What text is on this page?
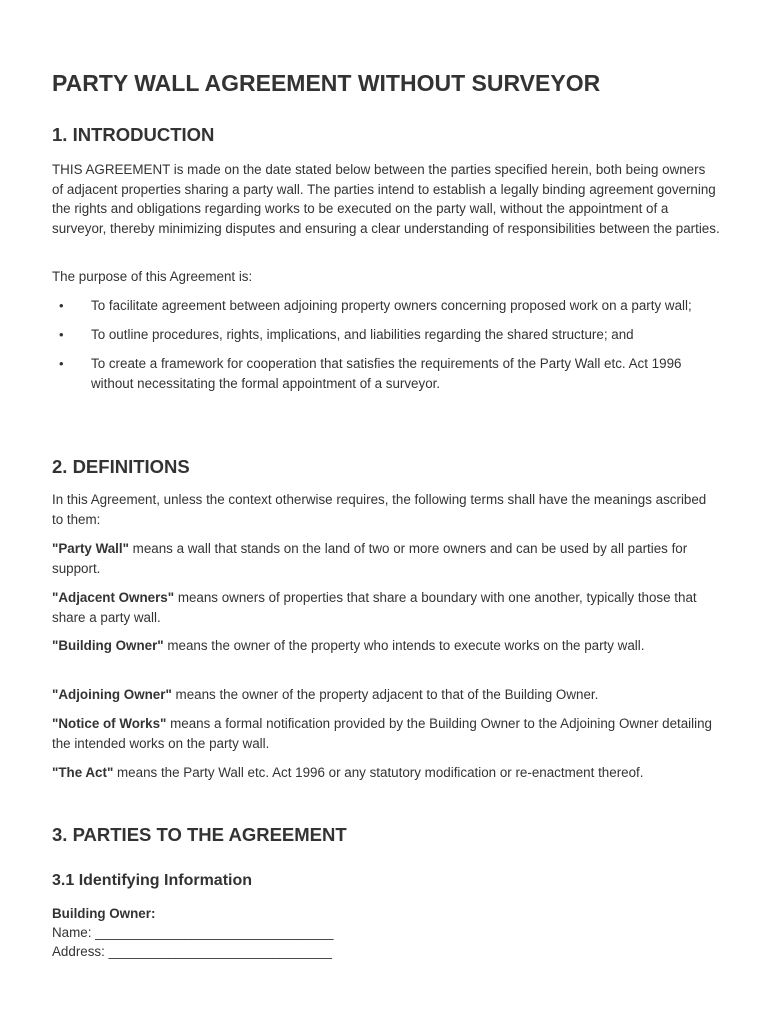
PARTY WALL AGREEMENT WITHOUT SURVEYOR
1. INTRODUCTION

THIS AGREEMENT is made on the date stated below between the parties specified herein, both being owners of adjacent properties sharing a party wall. The parties intend to establish a legally binding agreement governing the rights and obligations regarding works to be executed on the party wall, without the appointment of a surveyor, thereby minimizing disputes and ensuring a clear understanding of responsibilities between the parties.

The purpose of this Agreement is:

• To facilitate agreement between adjoining property owners concerning proposed work on a party wall;
• To outline procedures, rights, implications, and liabilities regarding the shared structure; and
• To create a framework for cooperation that satisfies the requirements of the Party Wall etc. Act 1996 without necessitating the formal appointment of a surveyor.
2. DEFINITIONS

In this Agreement, unless the context otherwise requires, the following terms shall have the meanings ascribed to them:

"Party Wall" means a wall that stands on the land of two or more owners and can be used by all parties for support.

"Adjacent Owners" means owners of properties that share a boundary with one another, typically those that share a party wall.

"Building Owner" means the owner of the property who intends to execute works on the party wall.

"Adjoining Owner" means the owner of the property adjacent to that of the Building Owner.

"Notice of Works" means a formal notification provided by the Building Owner to the Adjoining Owner detailing the intended works on the party wall.

"The Act" means the Party Wall etc. Act 1996 or any statutory modification or re-enactment thereof.

3. PARTIES TO THE AGREEMENT
3.1 Identifying Information
Building Owner:
Name: ________________________________
Address: ______________________________
